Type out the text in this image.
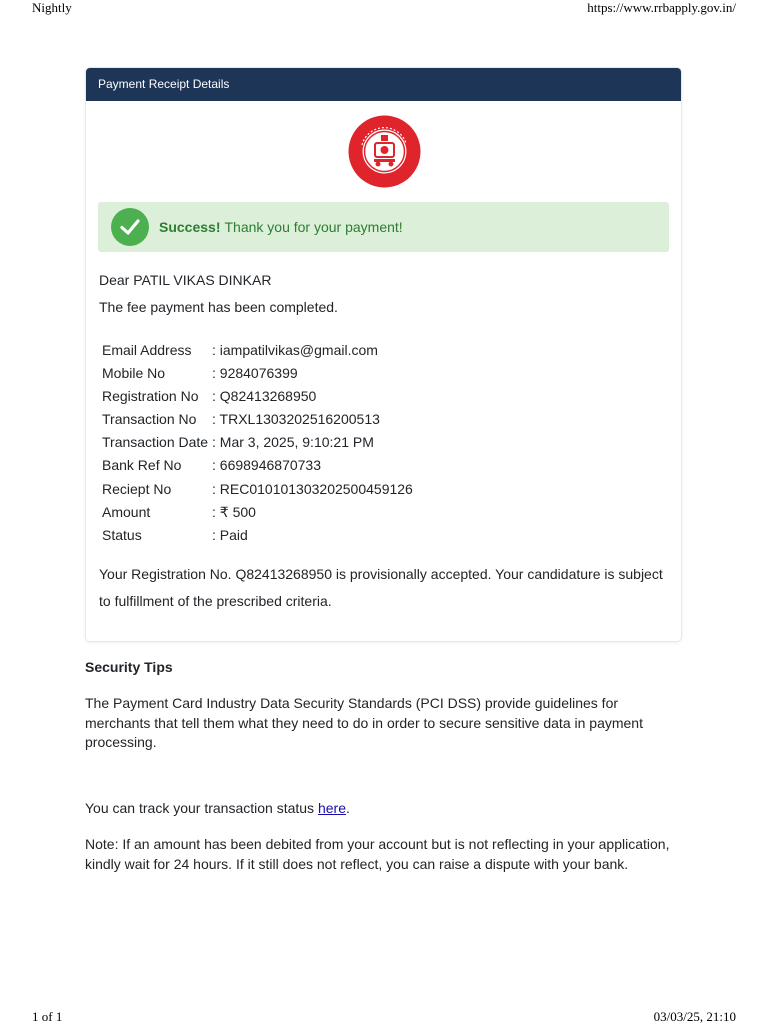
Nightly	https://www.rrbapply.gov.in/
Payment Receipt Details
Success! Thank you for your payment!
Dear PATIL VIKAS DINKAR
The fee payment has been completed.
Email Address	: iampatilvikas@gmail.com
Mobile No	: 9284076399
Registration No : Q82413268950
Transaction No	: TRXL1303202516200513
Transaction Date : Mar 3, 2025, 9:10:21 PM
Bank Ref No	: 6698946870733
Reciept No	: REC010101303202500459126
Amount	: ₹ 500
Status	: Paid
Your Registration No. Q82413268950 is provisionally accepted. Your candidature is subject to fulfillment of the prescribed criteria.
Security Tips
The Payment Card Industry Data Security Standards (PCI DSS) provide guidelines for merchants that tell them what they need to do in order to secure sensitive data in payment processing.
You can track your transaction status here.
Note: If an amount has been debited from your account but is not reflecting in your application, kindly wait for 24 hours. If it still does not reflect, you can raise a dispute with your bank.
1 of 1	03/03/25, 21:10
